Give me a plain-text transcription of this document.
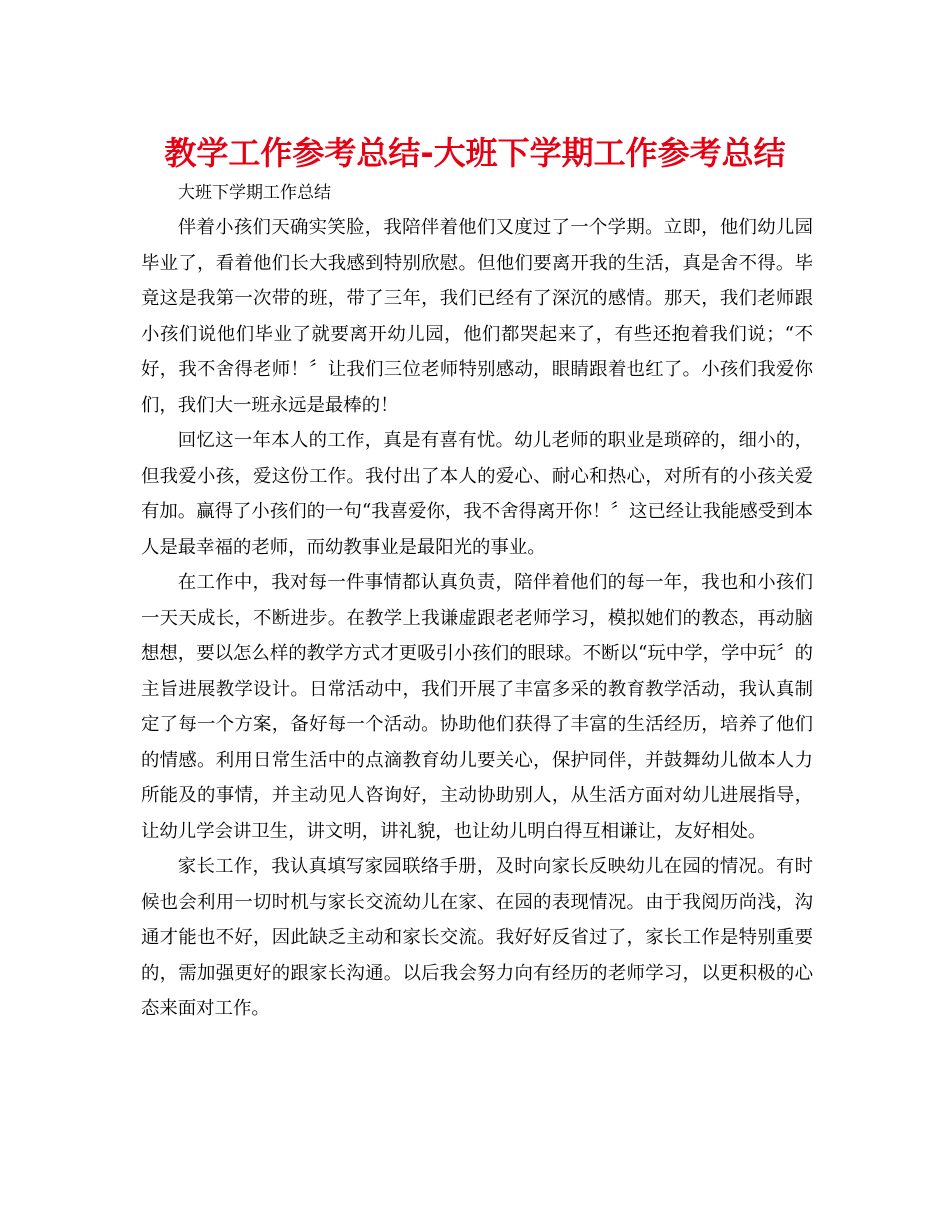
教学工作参考总结-大班下学期工作参考总结

大班下学期工作总结

伴着小孩们天确实笑脸，我陪伴着他们又度过了一个学期。立即，他们幼儿园毕业了，看着他们长大我感到特别欣慰。但他们要离开我的生活，真是舍不得。毕竟这是我第一次带的班，带了三年，我们已经有了深沉的感情。那天，我们老师跟小孩们说他们毕业了就要离开幼儿园，他们都哭起来了，有些还抱着我们说；“不好，我不舍得老师！〞让我们三位老师特别感动，眼睛跟着也红了。小孩们我爱你们，我们大一班永远是最棒的！

回忆这一年本人的工作，真是有喜有忧。幼儿老师的职业是琐碎的，细小的，但我爱小孩，爱这份工作。我付出了本人的爱心、耐心和热心，对所有的小孩关爱有加。赢得了小孩们的一句“我喜爱你，我不舍得离开你！〞这已经让我能感受到本人是最幸福的老师，而幼教事业是最阳光的事业。

在工作中，我对每一件事情都认真负责，陪伴着他们的每一年，我也和小孩们一天天成长，不断进步。在教学上我谦虚跟老老师学习，模拟她们的教态，再动脑想想，要以怎么样的教学方式才更吸引小孩们的眼球。不断以“玩中学，学中玩〞的主旨进展教学设计。日常活动中，我们开展了丰富多采的教育教学活动，我认真制定了每一个方案，备好每一个活动。协助他们获得了丰富的生活经历，培养了他们的情感。利用日常生活中的点滴教育幼儿要关心，保护同伴，并鼓舞幼儿做本人力所能及的事情，并主动见人咨询好，主动协助别人，从生活方面对幼儿进展指导，让幼儿学会讲卫生，讲文明，讲礼貌，也让幼儿明白得互相谦让，友好相处。

家长工作，我认真填写家园联络手册，及时向家长反映幼儿在园的情况。有时候也会利用一切时机与家长交流幼儿在家、在园的表现情况。由于我阅历尚浅，沟通才能也不好，因此缺乏主动和家长交流。我好好反省过了，家长工作是特别重要的，需加强更好的跟家长沟通。以后我会努力向有经历的老师学习，以更积极的心态来面对工作。
